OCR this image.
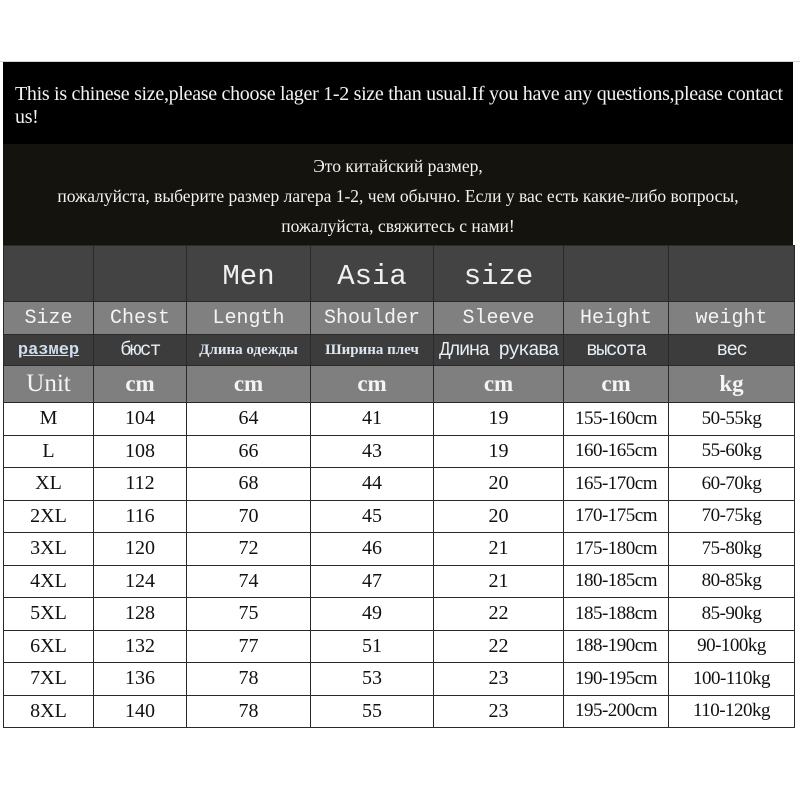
This is chinese size,please choose lager 1-2 size than usual.If you have any questions,please contact us!
Это китайский размер,
пожалуйста, выберите размер лагера 1-2, чем обычно. Если у вас есть какие-либо вопросы,
пожалуйста, свяжитесь с нами!
		Men	Asia	size		
Size	Chest	Length	Shoulder	Sleeve	Height	weight
размер	бюст	Длина одежды	Ширина плеч	Длина рукава	высота	вес
Unit	cm	cm	cm	cm	cm	kg
M	104	64	41	19	155-160cm	50-55kg
L	108	66	43	19	160-165cm	55-60kg
XL	112	68	44	20	165-170cm	60-70kg
2XL	116	70	45	20	170-175cm	70-75kg
3XL	120	72	46	21	175-180cm	75-80kg
4XL	124	74	47	21	180-185cm	80-85kg
5XL	128	75	49	22	185-188cm	85-90kg
6XL	132	77	51	22	188-190cm	90-100kg
7XL	136	78	53	23	190-195cm	100-110kg
8XL	140	78	55	23	195-200cm	110-120kg
